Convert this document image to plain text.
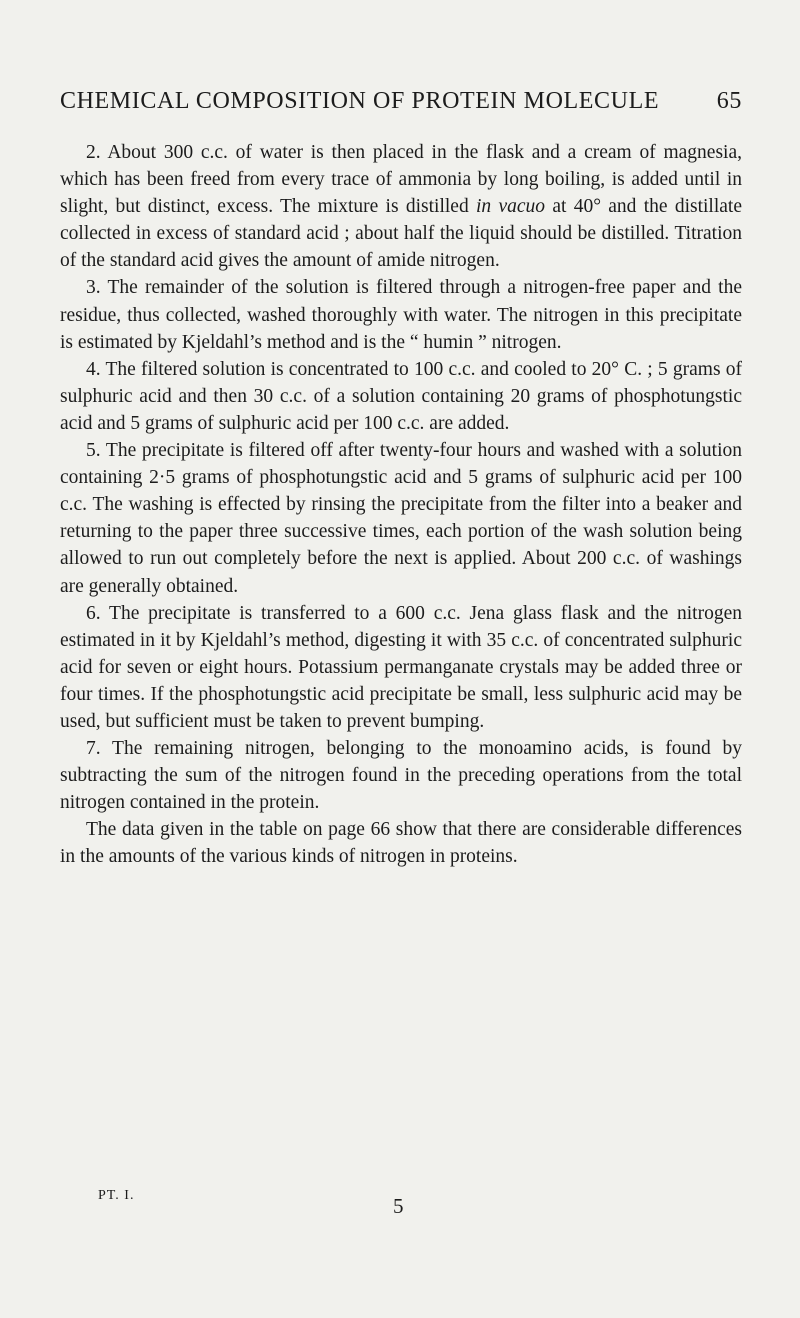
CHEMICAL COMPOSITION OF PROTEIN MOLECULE 65

2. About 300 c.c. of water is then placed in the flask and a cream of magnesia, which has been freed from every trace of ammonia by long boiling, is added until in slight, but distinct, excess. The mixture is distilled in vacuo at 40° and the distillate collected in excess of standard acid ; about half the liquid should be distilled. Titration of the standard acid gives the amount of amide nitrogen.

3. The remainder of the solution is filtered through a nitrogen-free paper and the residue, thus collected, washed thoroughly with water. The nitrogen in this precipitate is estimated by Kjeldahl’s method and is the “ humin ” nitrogen.

4. The filtered solution is concentrated to 100 c.c. and cooled to 20° C. ; 5 grams of sulphuric acid and then 30 c.c. of a solution containing 20 grams of phosphotungstic acid and 5 grams of sulphuric acid per 100 c.c. are added.

5. The precipitate is filtered off after twenty-four hours and washed with a solution containing 2·5 grams of phosphotungstic acid and 5 grams of sulphuric acid per 100 c.c. The washing is effected by rinsing the precipitate from the filter into a beaker and returning to the paper three successive times, each portion of the wash solution being allowed to run out completely before the next is applied. About 200 c.c. of washings are generally obtained.

6. The precipitate is transferred to a 600 c.c. Jena glass flask and the nitrogen estimated in it by Kjeldahl’s method, digesting it with 35 c.c. of concentrated sulphuric acid for seven or eight hours. Potassium permanganate crystals may be added three or four times. If the phosphotungstic acid precipitate be small, less sulphuric acid may be used, but sufficient must be taken to prevent bumping.

7. The remaining nitrogen, belonging to the monoamino acids, is found by subtracting the sum of the nitrogen found in the preceding operations from the total nitrogen contained in the protein.

The data given in the table on page 66 show that there are considerable differences in the amounts of the various kinds of nitrogen in proteins.

PT. I.	5
